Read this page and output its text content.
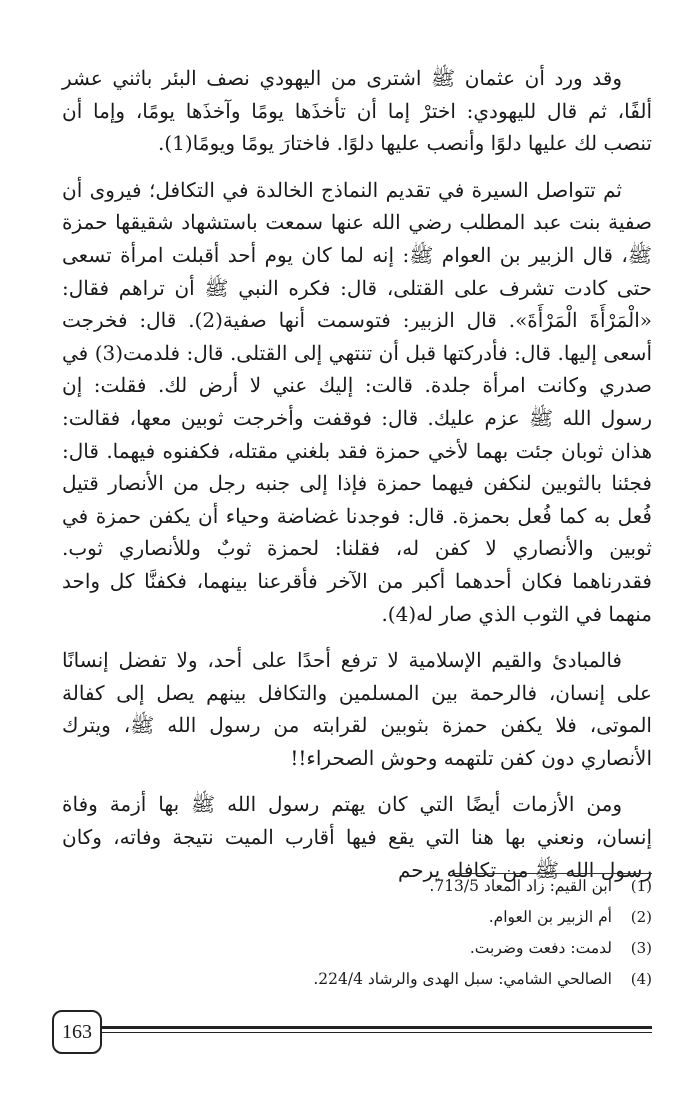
وقد ورد أن عثمان ﷺ اشترى من اليهودي نصف البئر باثني عشر ألفًا، ثم قال لليهودي: اخترْ إما أن تأخذَها يومًا وآخذَها يومًا، وإما أن تنصب لك عليها دلوًا وأنصب عليها دلوًا. فاختارَ يومًا ويومًا(1).

ثم تتواصل السيرة في تقديم النماذج الخالدة في التكافل؛ فيروى أن صفية بنت عبد المطلب رضي الله عنها سمعت باستشهاد شقيقها حمزة ﷺ، قال الزبير بن العوام ﷺ: إنه لما كان يوم أحد أقبلت امرأة تسعى حتى كادت تشرف على القتلى، قال: فكره النبي ﷺ أن تراهم فقال: «الْمَرْأَةَ الْمَرْأَةَ». قال الزبير: فتوسمت أنها صفية(2). قال: فخرجت أسعى إليها. قال: فأدركتها قبل أن تنتهي إلى القتلى. قال: فلدمت(3) في صدري وكانت امرأة جلدة. قالت: إليك عني لا أرض لك. فقلت: إن رسول الله ﷺ عزم عليك. قال: فوقفت وأخرجت ثوبين معها، فقالت: هذان ثوبان جئت بهما لأخي حمزة فقد بلغني مقتله، فكفنوه فيهما. قال: فجئنا بالثوبين لنكفن فيهما حمزة فإذا إلى جنبه رجل من الأنصار قتيل فُعل به كما فُعل بحمزة. قال: فوجدنا غضاضة وحياء أن يكفن حمزة في ثوبين والأنصاري لا كفن له، فقلنا: لحمزة ثوبٌ وللأنصاري ثوب. فقدرناهما فكان أحدهما أكبر من الآخر فأقرعنا بينهما، فكفنَّا كل واحد منهما في الثوب الذي صار له(4).

فالمبادئ والقيم الإسلامية لا ترفع أحدًا على أحد، ولا تفضل إنسانًا على إنسان، فالرحمة بين المسلمين والتكافل بينهم يصل إلى كفالة الموتى، فلا يكفن حمزة بثوبين لقرابته من رسول الله ﷺ، ويترك الأنصاري دون كفن تلتهمه وحوش الصحراء!!

ومن الأزمات أيضًا التي كان يهتم رسول الله ﷺ بها أزمة وفاة إنسان، ونعني بها هنا التي يقع فيها أقارب الميت نتيجة وفاته، وكان رسول الله ﷺ من تكافله يرحم

(1)
ابن القيم: زاد المعاد 713/5.
(2)
أم الزبير بن العوام.
(3)
لدمت: دفعت وضربت.
(4)
الصالحي الشامي: سبل الهدى والرشاد 224/4.
163
